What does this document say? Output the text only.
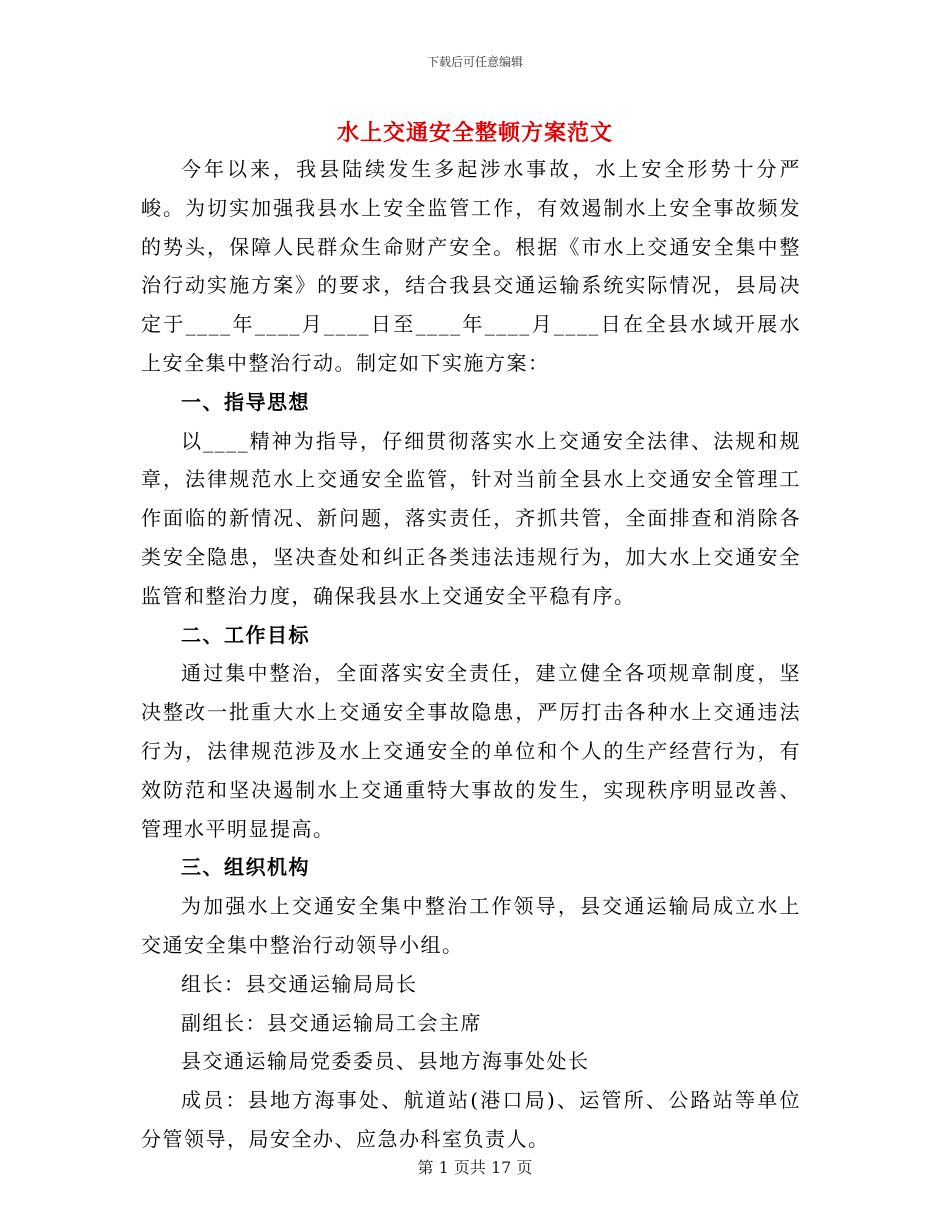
下载后可任意编辑
水上交通安全整顿方案范文

今年以来，我县陆续发生多起涉水事故，水上安全形势十分严峻。为切实加强我县水上安全监管工作，有效遏制水上安全事故频发的势头，保障人民群众生命财产安全。根据《市水上交通安全集中整治行动实施方案》的要求，结合我县交通运输系统实际情况，县局决定于____年____月____日至____年____月____日在全县水域开展水上安全集中整治行动。制定如下实施方案：

一、指导思想

以____精神为指导，仔细贯彻落实水上交通安全法律、法规和规章，法律规范水上交通安全监管，针对当前全县水上交通安全管理工作面临的新情况、新问题，落实责任，齐抓共管，全面排查和消除各类安全隐患，坚决查处和纠正各类违法违规行为，加大水上交通安全监管和整治力度，确保我县水上交通安全平稳有序。

二、工作目标

通过集中整治，全面落实安全责任，建立健全各项规章制度，坚决整改一批重大水上交通安全事故隐患，严厉打击各种水上交通违法行为，法律规范涉及水上交通安全的单位和个人的生产经营行为，有效防范和坚决遏制水上交通重特大事故的发生，实现秩序明显改善、管理水平明显提高。

三、组织机构

为加强水上交通安全集中整治工作领导，县交通运输局成立水上交通安全集中整治行动领导小组。

组长：县交通运输局局长

副组长：县交通运输局工会主席

县交通运输局党委委员、县地方海事处处长

成员：县地方海事处、航道站(港口局)、运管所、公路站等单位分管领导，局安全办、应急办科室负责人。

第 1 页共 17 页
